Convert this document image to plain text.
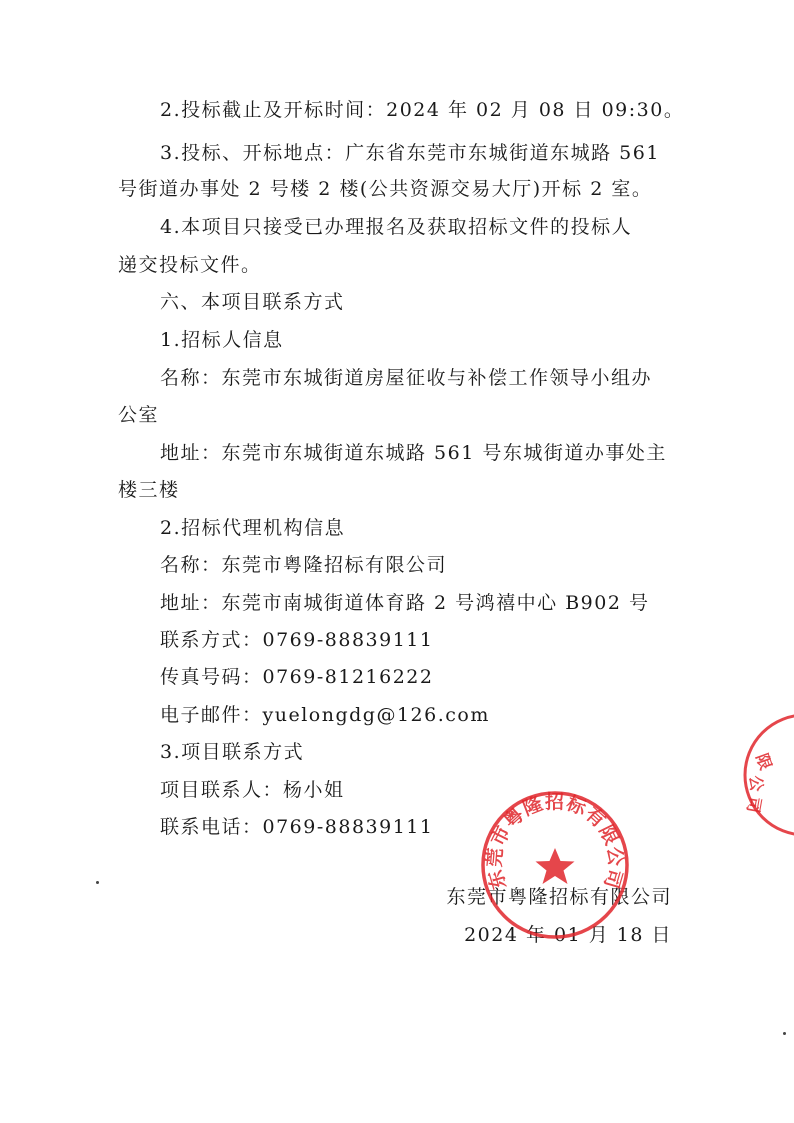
2.投标截止及开标时间：2024 年 02 月 08 日 09:30。
3.投标、开标地点：广东省东莞市东城街道东城路 561
号街道办事处 2 号楼 2 楼(公共资源交易大厅)开标 2 室。
4.本项目只接受已办理报名及获取招标文件的投标人
递交投标文件。
六、本项目联系方式
1.招标人信息
名称：东莞市东城街道房屋征收与补偿工作领导小组办
公室
地址：东莞市东城街道东城路 561 号东城街道办事处主
楼三楼
2.招标代理机构信息
名称：东莞市粤隆招标有限公司
地址：东莞市南城街道体育路 2 号鸿禧中心 B902 号
联系方式：0769-88839111
传真号码：0769-81216222
电子邮件：yuelongdg@126.com
3.项目联系方式
项目联系人：杨小姐
联系电话：0769-88839111
东莞市粤隆招标有限公司
2024 年 01 月 18 日
东莞市粤隆招标有限公司
限
公
司
